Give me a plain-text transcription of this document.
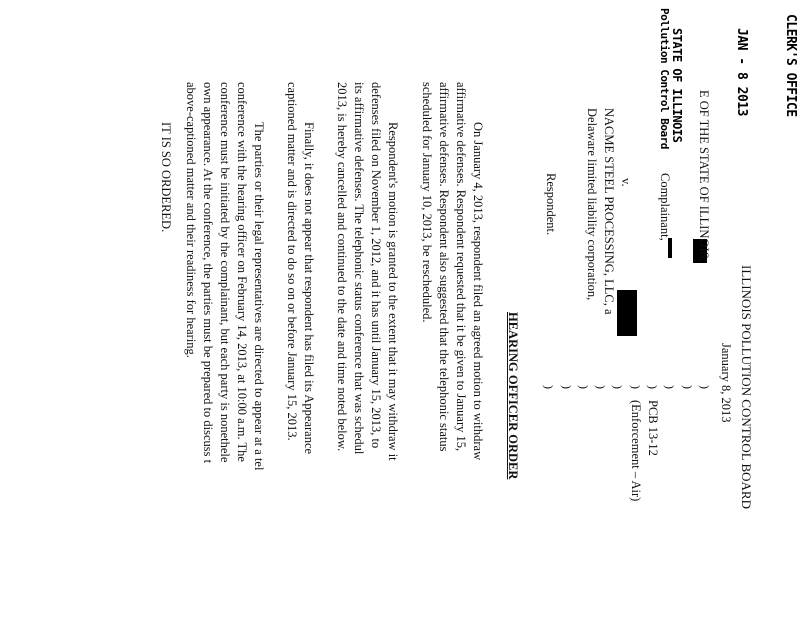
CLERK'S OFFICE
JAN - 8 2013
STATE OF ILLINOIS
Pollution Control Board
ILLINOIS POLLUTION CONTROL BOARD
January 8, 2013
E OF THE STATE OF ILLINOIS,
Complainant,
v.
NACME STEEL PROCESSING, LLC, a
Delaware limited liability corporation,
Respondent.
)
)
)
)
)
)
)
)
)
)
PCB 13-12
(Enforcement – Air)
HEARING OFFICER ORDER
On January 4, 2013, respondent filed an agreed motion to withdraw
affirmative defenses. Respondent requested that it be given to January 15,
affirmative defenses. Respondent also suggested that the telephonic status
scheduled for January 10, 2013, be rescheduled.
Respondent's motion is granted to the extent that it may withdraw it
defenses filed on November 1, 2012, and it has until January 15, 2013, to
its affirmative defenses. The telephonic status conference that was schedul
2013, is hereby cancelled and continued to the date and time noted below.
Finally, it does not appear that respondent has filed its Appearance
captioned matter and is directed to do so on or before January 15, 2013.
The parties or their legal representatives are directed to appear at a tel
conference with the hearing officer on February 14, 2013, at 10:00 a.m. The
conference must be initiated by the complainant, but each party is nonethele
own appearance. At the conference, the parties must be prepared to discuss t
above-captioned matter and their readiness for hearing.
IT IS SO ORDERED.
